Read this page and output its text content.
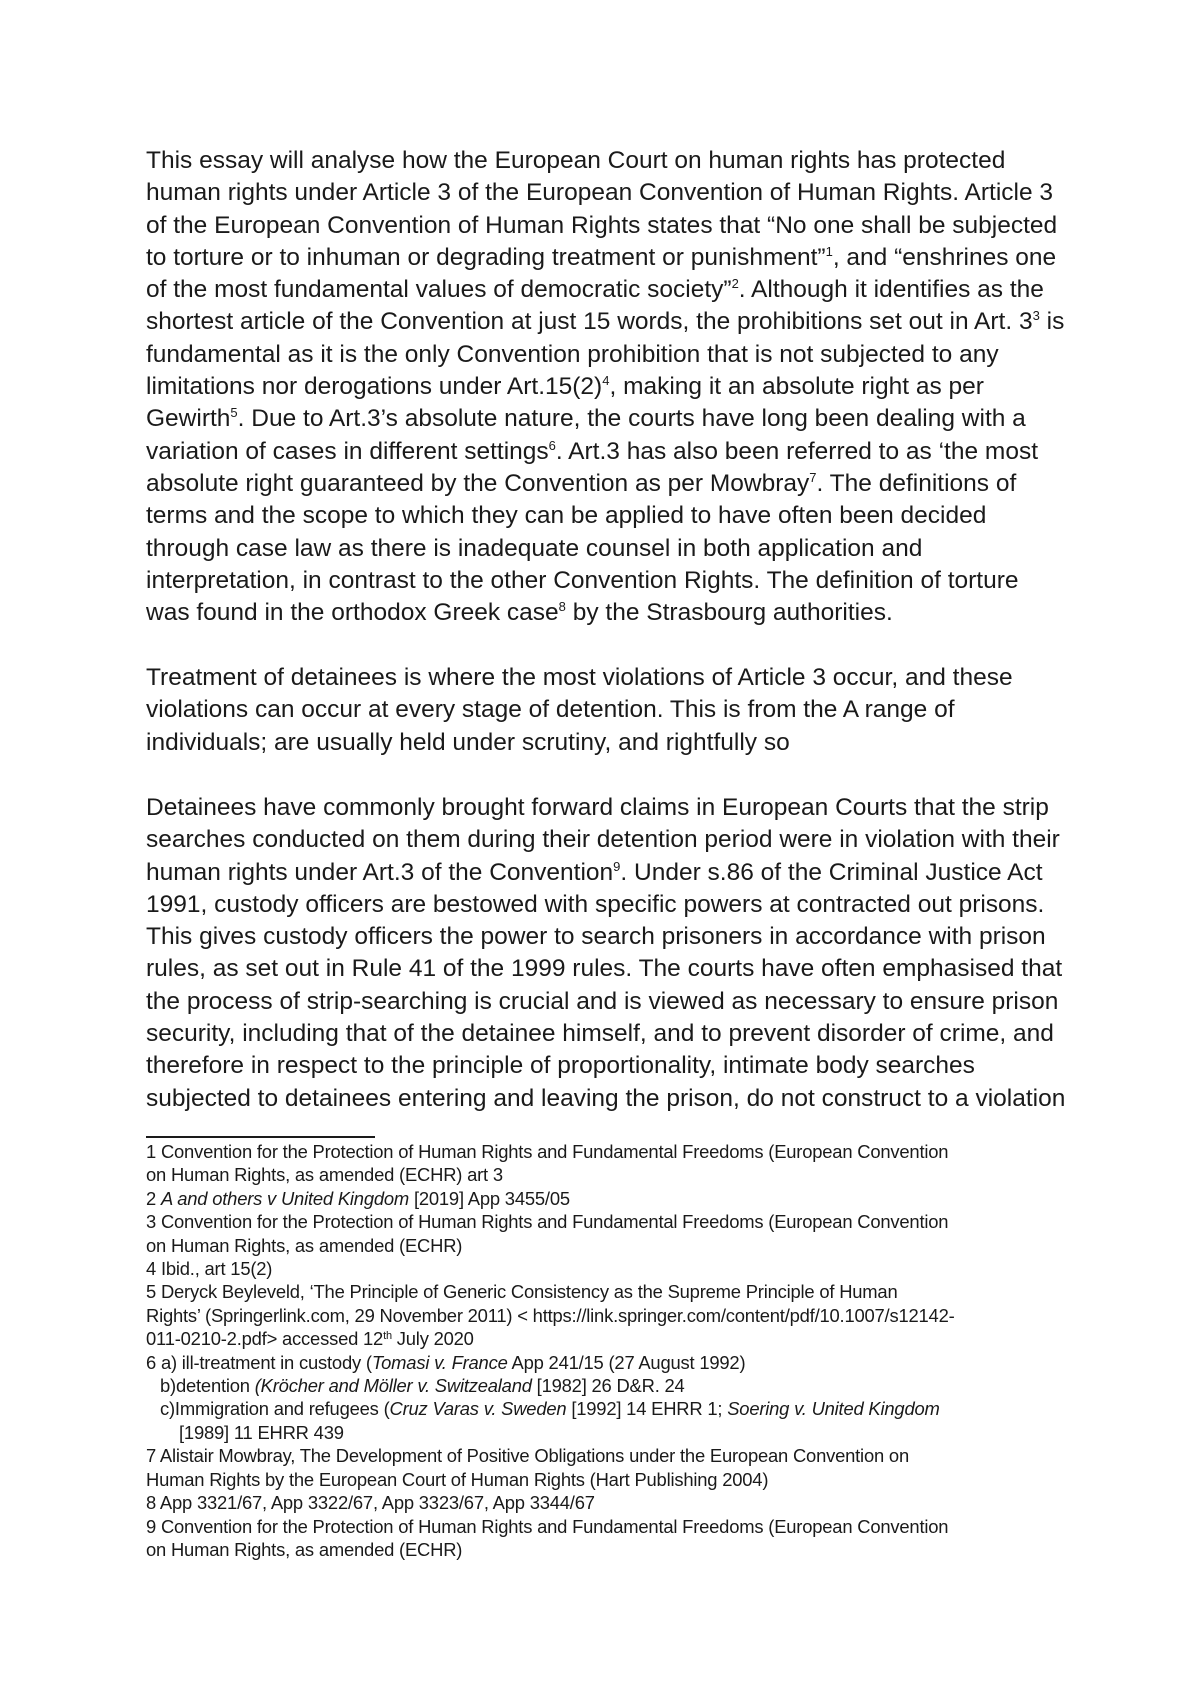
This essay will analyse how the European Court on human rights has protected
human rights under Article 3 of the European Convention of Human Rights. Article 3
of the European Convention of Human Rights states that “No one shall be subjected
to torture or to inhuman or degrading treatment or punishment”$^1$, and “enshrines one
of the most fundamental values of democratic society”$^2$. Although it identifies as the
shortest article of the Convention at just 15 words, the prohibitions set out in Art. $3^3$ is
fundamental as it is the only Convention prohibition that is not subjected to any
limitations nor derogations under $Art.15(2)^4$, making it an absolute right as per
Gewirth$^5$. Due to Art.3’s absolute nature, the courts have long been dealing with a
variation of cases in different settings$^6$. Art.3 has also been referred to as ‘the most
absolute right guaranteed by the Convention as per Mowbray$^7$. The definitions of
terms and the scope to which they can be applied to have often been decided
through case law as there is inadequate counsel in both application and
interpretation, in contrast to the other Convention Rights. The definition of torture
was found in the orthodox Greek case$^8$ by the Strasbourg authorities.
Treatment of detainees is where the most violations of Article 3 occur, and these
violations can occur at every stage of detention. This is from the A range of
individuals; are usually held under scrutiny, and rightfully so
Detainees have commonly brought forward claims in European Courts that the strip
searches conducted on them during their detention period were in violation with their
human rights under Art.3 of the Convention$^9$. Under s.86 of the Criminal Justice Act
1991, custody officers are bestowed with specific powers at contracted out prisons.
This gives custody officers the power to search prisoners in accordance with prison
rules, as set out in Rule 41 of the 1999 rules. The courts have often emphasised that
the process of strip-searching is crucial and is viewed as necessary to ensure prison
security, including that of the detainee himself, and to prevent disorder of crime, and
therefore in respect to the principle of proportionality, intimate body searches
subjected to detainees entering and leaving the prison, do not construct to a violation
1 Convention for the Protection of Human Rights and Fundamental Freedoms (European Convention
on Human Rights, as amended (ECHR) art 3
2 A and others v United Kingdom [2019] App 3455/05
3 Convention for the Protection of Human Rights and Fundamental Freedoms (European Convention
on Human Rights, as amended (ECHR)
4 Ibid., art 15(2)
5 Deryck Beyleveld, ‘The Principle of Generic Consistency as the Supreme Principle of Human
Rights’ (Springerlink.com, 29 November 2011) < https://link.springer.com/content/pdf/10.1007/s12142-
011-0210-2.pdf> accessed 12th July 2020
6 a) ill-treatment in custody (Tomasi v. France App 241/15 (27 August 1992)
b)detention (Kröcher and Möller v. Switzealand [1982] 26 D&R. 24
c)Immigration and refugees (Cruz Varas v. Sweden [1992] 14 EHRR 1; Soering v. United Kingdom
[1989] 11 EHRR 439
7 Alistair Mowbray, The Development of Positive Obligations under the European Convention on
Human Rights by the European Court of Human Rights (Hart Publishing 2004)
8 App 3321/67, App 3322/67, App 3323/67, App 3344/67
9 Convention for the Protection of Human Rights and Fundamental Freedoms (European Convention
on Human Rights, as amended (ECHR)
